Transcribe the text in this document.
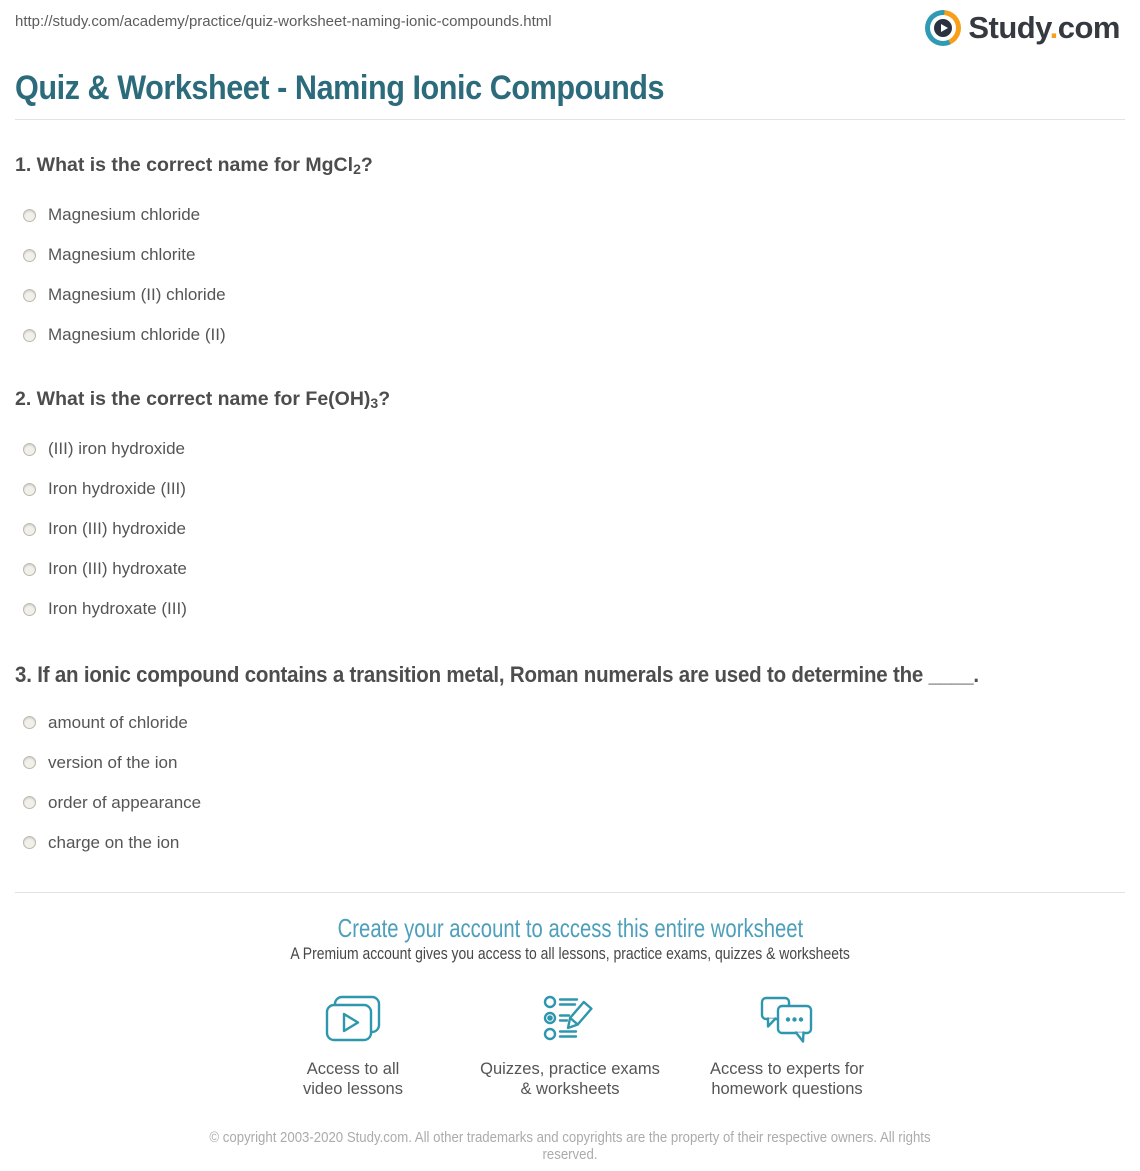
http://study.com/academy/practice/quiz-worksheet-naming-ionic-compounds.html	Study.com
Quiz & Worksheet - Naming Ionic Compounds
1. What is the correct name for MgCl2?
Magnesium chloride
Magnesium chlorite
Magnesium (II) chloride
Magnesium chloride (II)
2. What is the correct name for Fe(OH)3?
(III) iron hydroxide
Iron hydroxide (III)
Iron (III) hydroxide
Iron (III) hydroxate
Iron hydroxate (III)
3. If an ionic compound contains a transition metal, Roman numerals are used to determine the ____.
amount of chloride
version of the ion
order of appearance
charge on the ion
Create your account to access this entire worksheet
A Premium account gives you access to all lessons, practice exams, quizzes & worksheets
Access to all
video lessons
Quizzes, practice exams
& worksheets
Access to experts for
homework questions
© copyright 2003-2020 Study.com. All other trademarks and copyrights are the property of their respective owners. All rights reserved.
